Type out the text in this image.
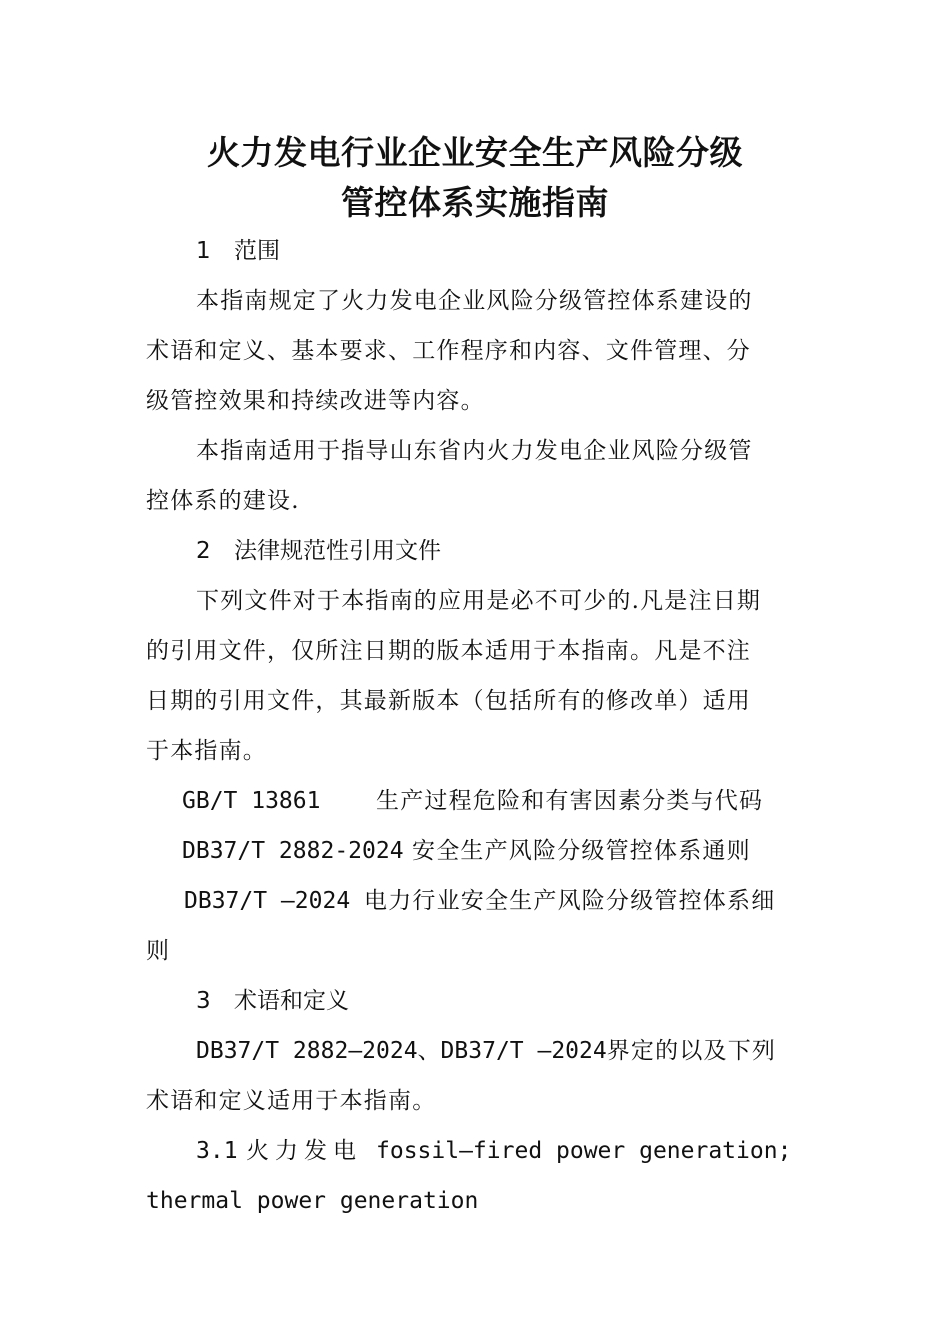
火力发电行业企业安全生产风险分级
管控体系实施指南
1 范围
本指南规定了火力发电企业风险分级管控体系建设的
术语和定义、基本要求、工作程序和内容、文件管理、分
级管控效果和持续改进等内容。
本指南适用于指导山东省内火力发电企业风险分级管
控体系的建设.
2 法律规范性引用文件
下列文件对于本指南的应用是必不可少的.凡是注日期
的引用文件，仅所注日期的版本适用于本指南。凡是不注
日期的引用文件，其最新版本（包括所有的修改单）适用
于本指南。
GB/T 13861 生产过程危险和有害因素分类与代码
DB37/T 2882-2024 安全生产风险分级管控体系通则
DB37/T —2024 电力行业安全生产风险分级管控体系细
则
3 术语和定义
DB37/T 2882—2024、DB37/T —2024界定的以及下列
术语和定义适用于本指南。
3.1 火力发电 fossil—fired power generation;
thermal power generation
